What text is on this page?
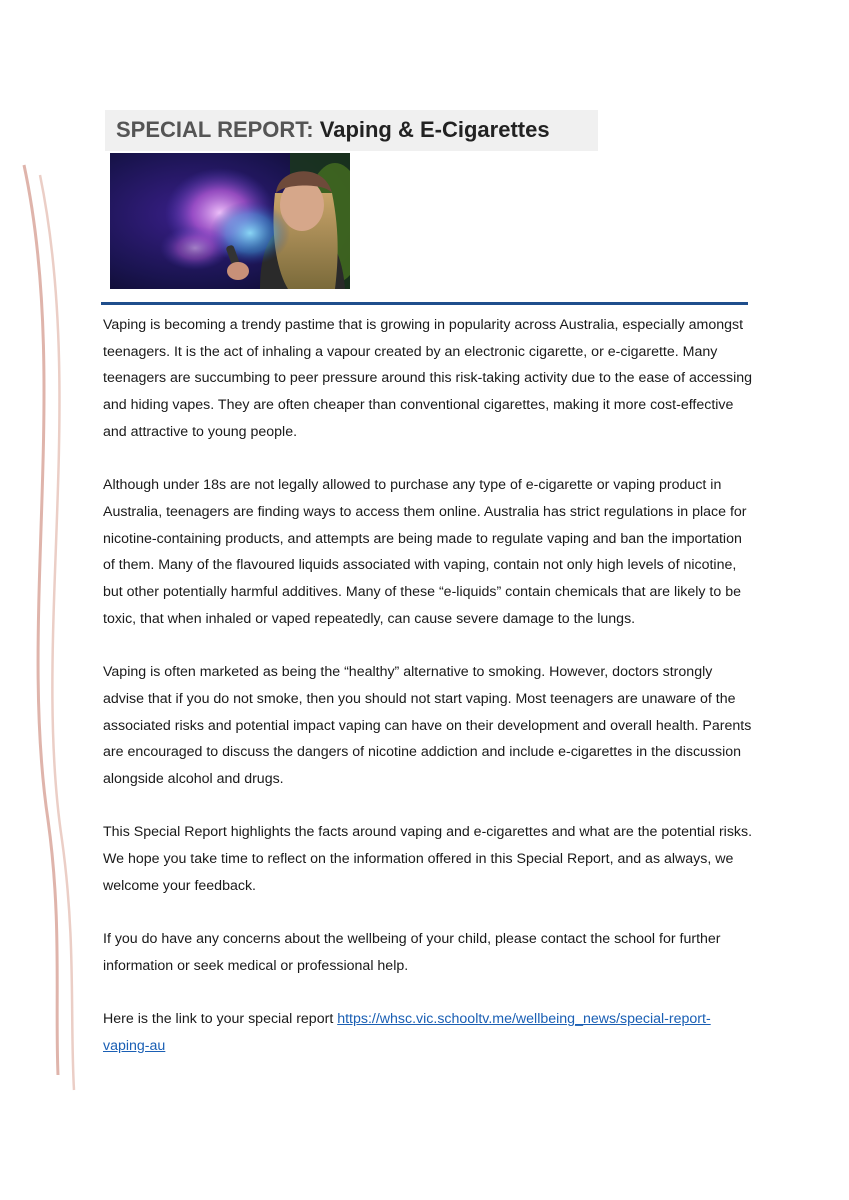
SPECIAL REPORT: Vaping & E-Cigarettes

Vaping is becoming a trendy pastime that is growing in popularity across Australia, especially amongst teenagers. It is the act of inhaling a vapour created by an electronic cigarette, or e-cigarette. Many teenagers are succumbing to peer pressure around this risk-taking activity due to the ease of accessing and hiding vapes. They are often cheaper than conventional cigarettes, making it more cost-effective and attractive to young people.

Although under 18s are not legally allowed to purchase any type of e-cigarette or vaping product in Australia, teenagers are finding ways to access them online. Australia has strict regulations in place for nicotine-containing products, and attempts are being made to regulate vaping and ban the importation of them. Many of the flavoured liquids associated with vaping, contain not only high levels of nicotine, but other potentially harmful additives. Many of these “e-liquids” contain chemicals that are likely to be toxic, that when inhaled or vaped repeatedly, can cause severe damage to the lungs.

Vaping is often marketed as being the “healthy” alternative to smoking. However, doctors strongly advise that if you do not smoke, then you should not start vaping. Most teenagers are unaware of the associated risks and potential impact vaping can have on their development and overall health. Parents are encouraged to discuss the dangers of nicotine addiction and include e-cigarettes in the discussion alongside alcohol and drugs.

This Special Report highlights the facts around vaping and e-cigarettes and what are the potential risks. We hope you take time to reflect on the information offered in this Special Report, and as always, we welcome your feedback.

If you do have any concerns about the wellbeing of your child, please contact the school for further information or seek medical or professional help.

Here is the link to your special report https://whsc.vic.schooltv.me/wellbeing_news/special-report-vaping-au
